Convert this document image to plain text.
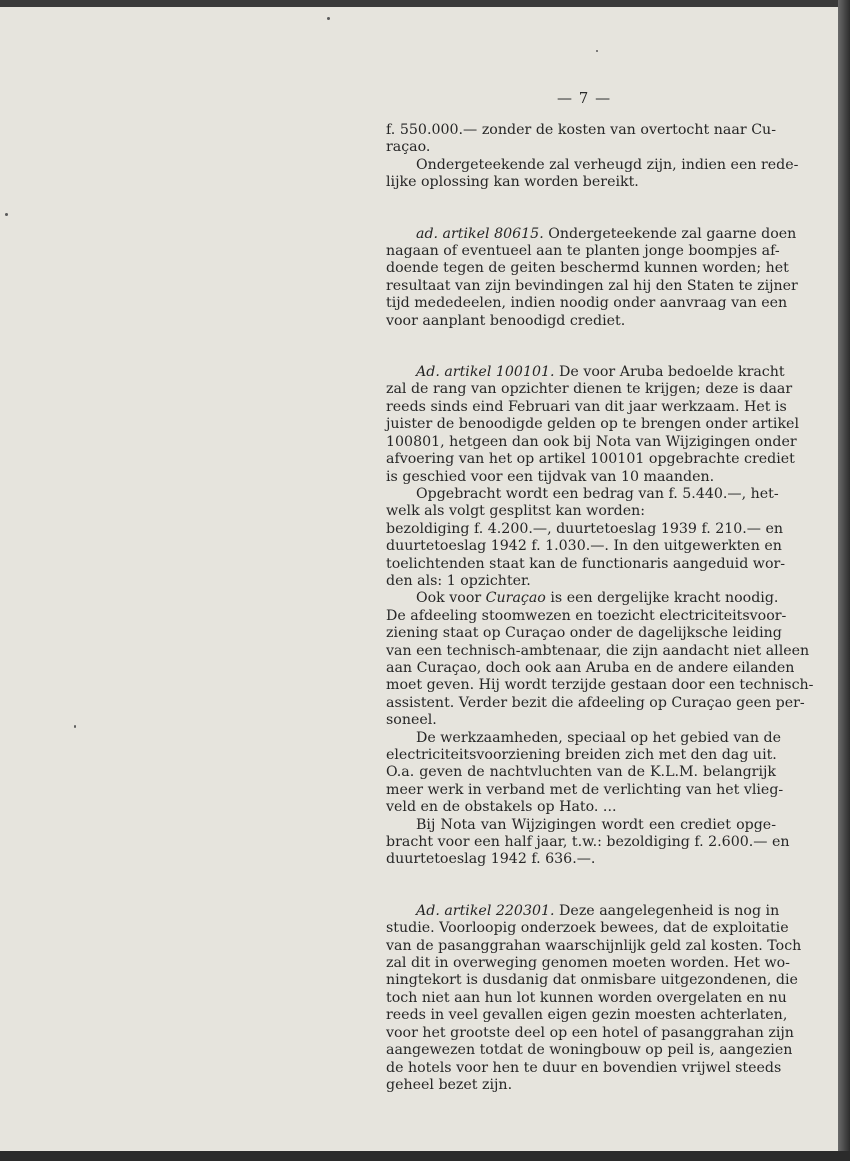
— 7 —

f. 550.000.— zonder de kosten van overtocht naar Cu-
raçao.

Ondergeteekende zal verheugd zijn, indien een rede-
lijke oplossing kan worden bereikt.

ad. artikel 80615. Ondergeteekende zal gaarne doen
nagaan of eventueel aan te planten jonge boompjes af-
doende tegen de geiten beschermd kunnen worden; het
resultaat van zijn bevindingen zal hij den Staten te zijner
tijd mededeelen, indien noodig onder aanvraag van een
voor aanplant benoodigd crediet.

Ad. artikel 100101. De voor Aruba bedoelde kracht
zal de rang van opzichter dienen te krijgen; deze is daar
reeds sinds eind Februari van dit jaar werkzaam. Het is
juister de benoodigde gelden op te brengen onder artikel
100801, hetgeen dan ook bij Nota van Wijzigingen onder
afvoering van het op artikel 100101 opgebrachte crediet
is geschied voor een tijdvak van 10 maanden.

Opgebracht wordt een bedrag van f. 5.440.—, het-
welk als volgt gesplitst kan worden:
bezoldiging f. 4.200.—, duurtetoeslag 1939 f. 210.— en
duurtetoeslag 1942 f. 1.030.—. In den uitgewerkten en
toelichtenden staat kan de functionaris aangeduid wor-
den als: 1 opzichter.

Ook voor Curaçao is een dergelijke kracht noodig.
De afdeeling stoomwezen en toezicht electriciteitsvoor-
ziening staat op Curaçao onder de dagelijksche leiding
van een technisch-ambtenaar, die zijn aandacht niet alleen
aan Curaçao, doch ook aan Aruba en de andere eilanden
moet geven. Hij wordt terzijde gestaan door een technisch-
assistent. Verder bezit die afdeeling op Curaçao geen per-
soneel.

De werkzaamheden, speciaal op het gebied van de
electriciteitsvoorziening breiden zich met den dag uit.
O.a. geven de nachtvluchten van de K.L.M. belangrijk
meer werk in verband met de verlichting van het vlieg-
veld en de obstakels op Hato. ...

Bij Nota van Wijzigingen wordt een crediet opge-
bracht voor een half jaar, t.w.: bezoldiging f. 2.600.— en
duurtetoeslag 1942 f. 636.—.

Ad. artikel 220301. Deze aangelegenheid is nog in
studie. Voorloopig onderzoek bewees, dat de exploitatie
van de pasanggrahan waarschijnlijk geld zal kosten. Toch
zal dit in overweging genomen moeten worden. Het wo-
ningtekort is dusdanig dat onmisbare uitgezondenen, die
toch niet aan hun lot kunnen worden overgelaten en nu
reeds in veel gevallen eigen gezin moesten achterlaten,
voor het grootste deel op een hotel of pasanggrahan zijn
aangewezen totdat de woningbouw op peil is, aangezien
de hotels voor hen te duur en bovendien vrijwel steeds
geheel bezet zijn.
